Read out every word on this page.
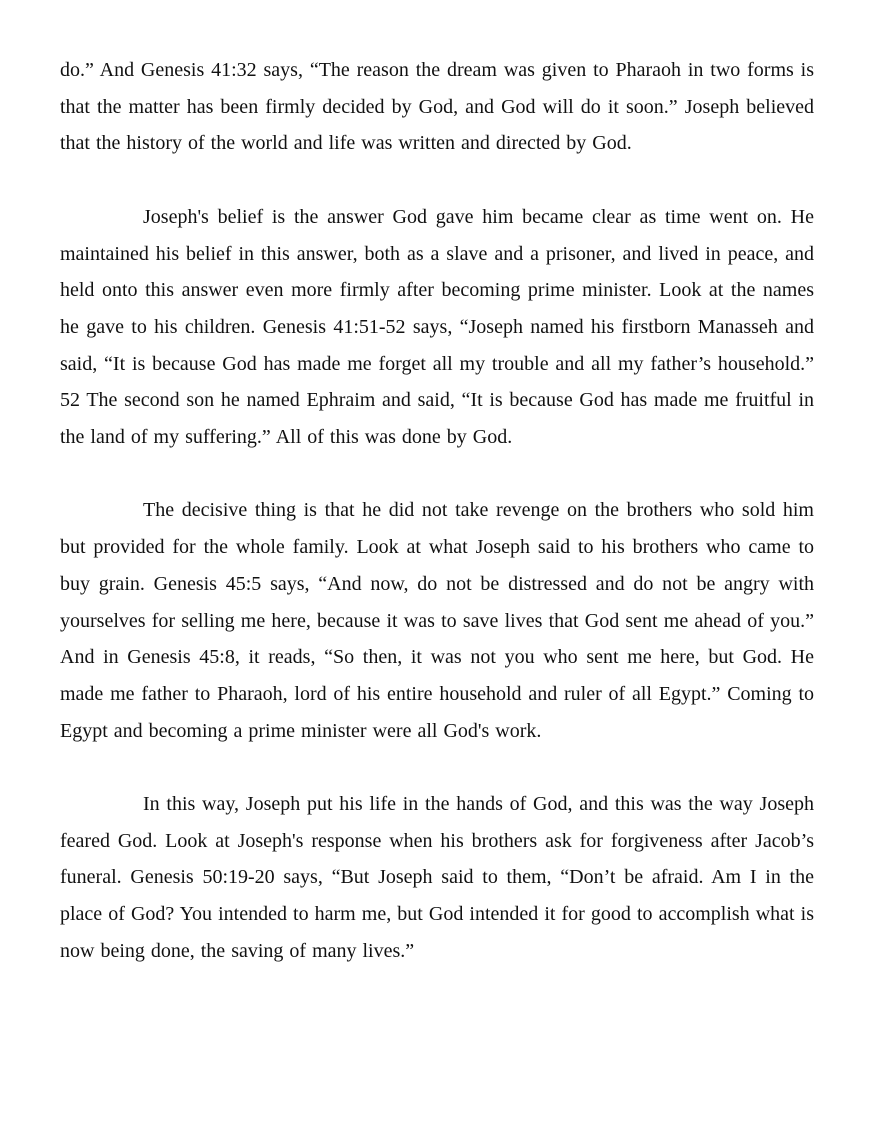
do.” And Genesis 41:32 says, “The reason the dream was given to Pharaoh in two forms is that the matter has been firmly decided by God, and God will do it soon.” Joseph believed that the history of the world and life was written and directed by God.

Joseph's belief is the answer God gave him became clear as time went on. He maintained his belief in this answer, both as a slave and a prisoner, and lived in peace, and held onto this answer even more firmly after becoming prime minister. Look at the names he gave to his children. Genesis 41:51-52 says, “Joseph named his firstborn Manasseh and said, “It is because God has made me forget all my trouble and all my father’s household.” 52 The second son he named Ephraim and said, “It is because God has made me fruitful in the land of my suffering.” All of this was done by God.

The decisive thing is that he did not take revenge on the brothers who sold him but provided for the whole family. Look at what Joseph said to his brothers who came to buy grain. Genesis 45:5 says, “And now, do not be distressed and do not be angry with yourselves for selling me here, because it was to save lives that God sent me ahead of you.” And in Genesis 45:8, it reads, “So then, it was not you who sent me here, but God. He made me father to Pharaoh, lord of his entire household and ruler of all Egypt.” Coming to Egypt and becoming a prime minister were all God's work.

In this way, Joseph put his life in the hands of God, and this was the way Joseph feared God. Look at Joseph's response when his brothers ask for forgiveness after Jacob’s funeral. Genesis 50:19-20 says, “But Joseph said to them, “Don’t be afraid. Am I in the place of God? You intended to harm me, but God intended it for good to accomplish what is now being done, the saving of many lives.”
